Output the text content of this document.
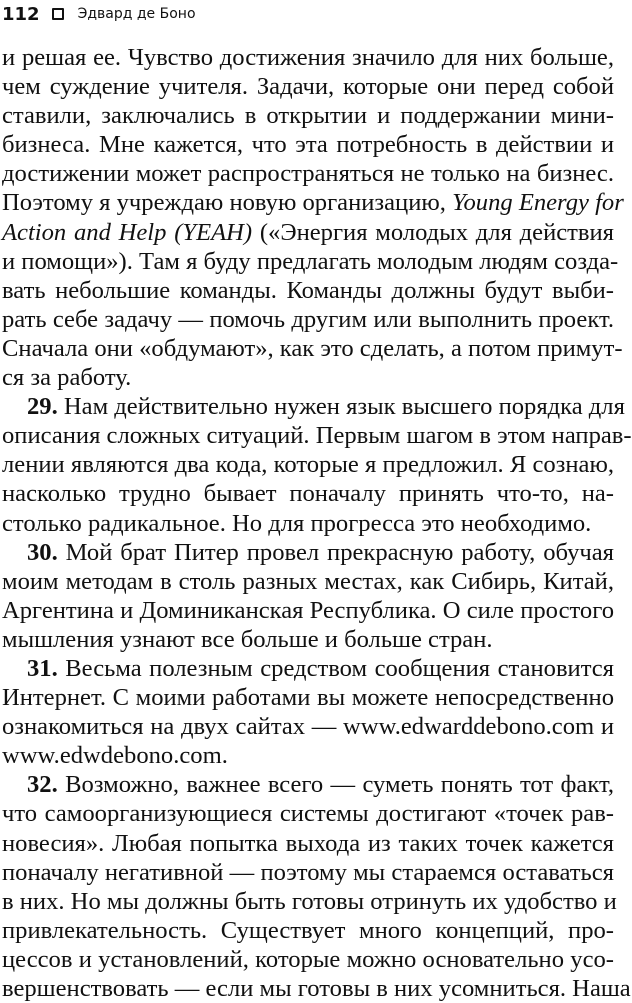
112	Эдвард де Боно
и решая ее. Чувство достижения значило для них больше,
чем суждение учителя. Задачи, которые они перед собой
ставили, заключались в открытии и поддержании мини-
бизнеса. Мне кажется, что эта потребность в действии и
достижении может распространяться не только на бизнес.
Поэтому я учреждаю новую организацию, Young Energy for
Action and Help (YEAH) («Энергия молодых для действия
и помощи»). Там я буду предлагать молодым людям созда-
вать небольшие команды. Команды должны будут выби-
рать себе задачу — помочь другим или выполнить проект.
Сначала они «обдумают», как это сделать, а потом примут-
ся за работу.
29. Нам действительно нужен язык высшего порядка для
описания сложных ситуаций. Первым шагом в этом направ-
лении являются два кода, которые я предложил. Я сознаю,
насколько трудно бывает поначалу принять что-то, на-
столько радикальное. Но для прогресса это необходимо.
30. Мой брат Питер провел прекрасную работу, обучая
моим методам в столь разных местах, как Сибирь, Китай,
Аргентина и Доминиканская Республика. О силе простого
мышления узнают все больше и больше стран.
31. Весьма полезным средством сообщения становится
Интернет. С моими работами вы можете непосредственно
ознакомиться на двух сайтах — www.edwarddebono.com и
www.edwdebono.com.
32. Возможно, важнее всего — суметь понять тот факт,
что самоорганизующиеся системы достигают «точек рав-
новесия». Любая попытка выхода из таких точек кажется
поначалу негативной — поэтому мы стараемся оставаться
в них. Но мы должны быть готовы отринуть их удобство и
привлекательность. Существует много концепций, про-
цессов и установлений, которые можно основательно усо-
вершенствовать — если мы готовы в них усомниться. Наша
